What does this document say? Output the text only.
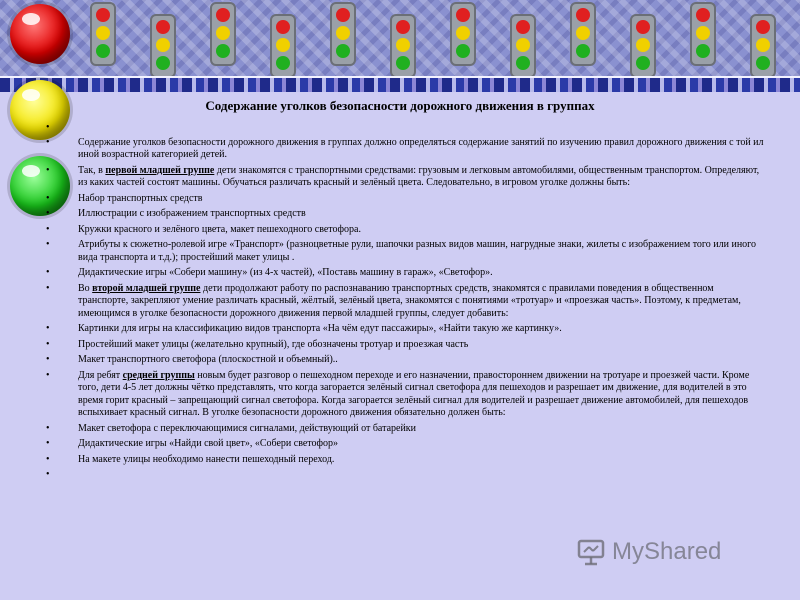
Содержание уголков безопасности дорожного движения в группах

•

• Содержание уголков безопасности дорожного движения в группах должно определяться содержание занятий по изучению правил дорожного движения с той ил иной возрастной категорией детей.

• Так, в первой младшей группе дети знакомятся с транспортными средствами: грузовым и легковым автомобилями, общественным транспортом. Определяют, из каких частей состоят машины. Обучаться различать красный и зелёный цвета. Следовательно, в игровом уголке должны быть:

• Набор транспортных средств

• Иллюстрации с изображением транспортных средств

• Кружки красного и зелёного цвета, макет пешеходного светофора.

• Атрибуты к сюжетно-ролевой игре «Транспорт» (разноцветные рули, шапочки разных видов машин, нагрудные знаки, жилеты с изображением того или иного вида транспорта и т.д.); простейший макет улицы .

• Дидактические игры «Собери машину» (из 4-х частей), «Поставь машину в гараж», «Светофор».

• Во второй младшей группе дети продолжают работу по распознаванию транспортных средств, знакомятся с правилами поведения в общественном транспорте, закрепляют умение различать красный, жёлтый, зелёный цвета, знакомятся с понятиями «тротуар» и «проезжая часть». Поэтому, к предметам, имеющимся в уголке безопасности дорожного движения первой младшей группы, следует добавить:

• Картинки для игры на классификацию видов транспорта «На чём едут пассажиры», «Найти такую же картинку».

• Простейший макет улицы (желательно крупный), где обозначены тротуар и проезжая часть

• Макет транспортного светофора (плоскостной и объемный)..

• Для ребят средней группы новым будет разговор о пешеходном переходе и его назначении, правостороннем движении на тротуаре и проезжей части. Кроме того, дети 4-5 лет должны чётко представлять, что когда загорается зелёный сигнал светофора для пешеходов и разрешает им движение, для водителей в это время горит красный – запрещающий сигнал светофора. Когда загорается зелёный сигнал для водителей и разрешает движение автомобилей, для пешеходов вспыхивает красный сигнал. В уголке безопасности дорожного движения обязательно должен быть:

• Макет светофора с переключающимися сигналами, действующий от батарейки

• Дидактические игры «Найди свой цвет», «Собери светофор»

• На макете улицы необходимо нанести пешеходный переход.

•

MyShared
